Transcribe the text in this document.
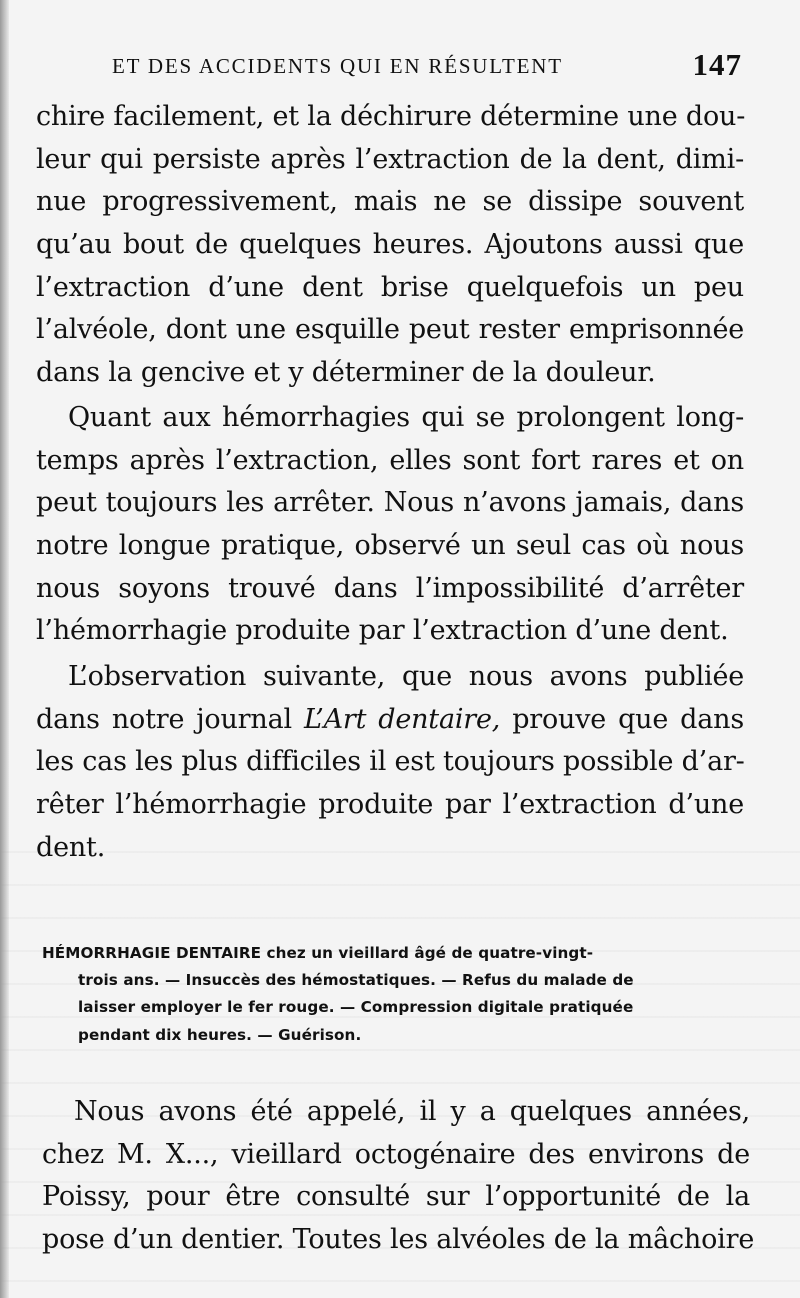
ET DES ACCIDENTS QUI EN RÉSULTENT	147
chire facilement, et la déchirure détermine une dou-
leur qui persiste après l’extraction de la dent, dimi-
nue progressivement, mais ne se dissipe souvent
qu’au bout de quelques heures. Ajoutons aussi que
l’extraction d’une dent brise quelquefois un peu
l’alvéole, dont une esquille peut rester emprisonnée
dans la gencive et y déterminer de la douleur.
Quant aux hémorrhagies qui se prolongent long-
temps après l’extraction, elles sont fort rares et on
peut toujours les arrêter. Nous n’avons jamais, dans
notre longue pratique, observé un seul cas où nous
nous soyons trouvé dans l’impossibilité d’arrêter
l’hémorrhagie produite par l’extraction d’une dent.
L’observation suivante, que nous avons publiée
dans notre journal L’Art dentaire, prouve que dans
les cas les plus difficiles il est toujours possible d’ar-
rêter l’hémorrhagie produite par l’extraction d’une
dent.
HÉMORRHAGIE DENTAIRE chez un vieillard âgé de quatre-vingt-
trois ans. — Insuccès des hémostatiques. — Refus du malade de
laisser employer le fer rouge. — Compression digitale pratiquée
pendant dix heures. — Guérison.
Nous avons été appelé, il y a quelques années,
chez M. X..., vieillard octogénaire des environs de
Poissy, pour être consulté sur l’opportunité de la
pose d’un dentier. Toutes les alvéoles de la mâchoire
